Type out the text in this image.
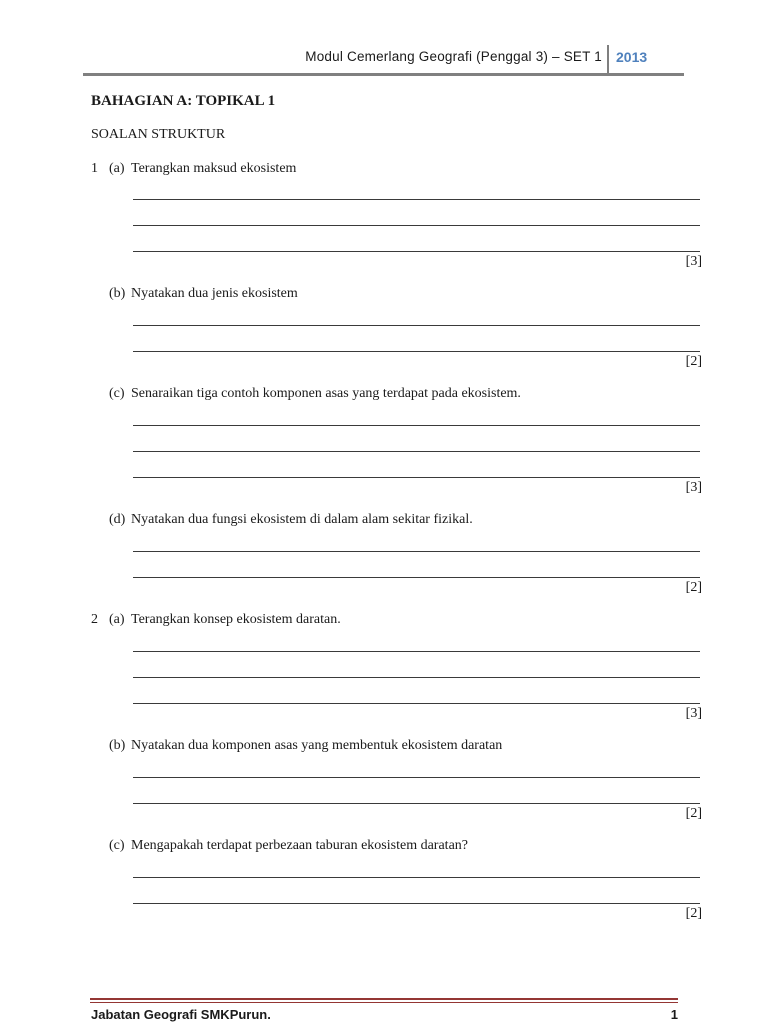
Modul Cemerlang Geografi (Penggal 3) – SET 1 2013
BAHAGIAN A: TOPIKAL 1
SOALAN STRUKTUR
1 (a) Terangkan maksud ekosistem
[3]
(b) Nyatakan dua jenis ekosistem
[2]
(c) Senaraikan tiga contoh komponen asas yang terdapat pada ekosistem.
[3]
(d) Nyatakan dua fungsi ekosistem di dalam alam sekitar fizikal.
[2]
2 (a) Terangkan konsep ekosistem daratan.
[3]
(b) Nyatakan dua komponen asas yang membentuk ekosistem daratan
[2]
(c) Mengapakah terdapat perbezaan taburan ekosistem daratan?
[2]
Jabatan Geografi SMKPurun.	1
